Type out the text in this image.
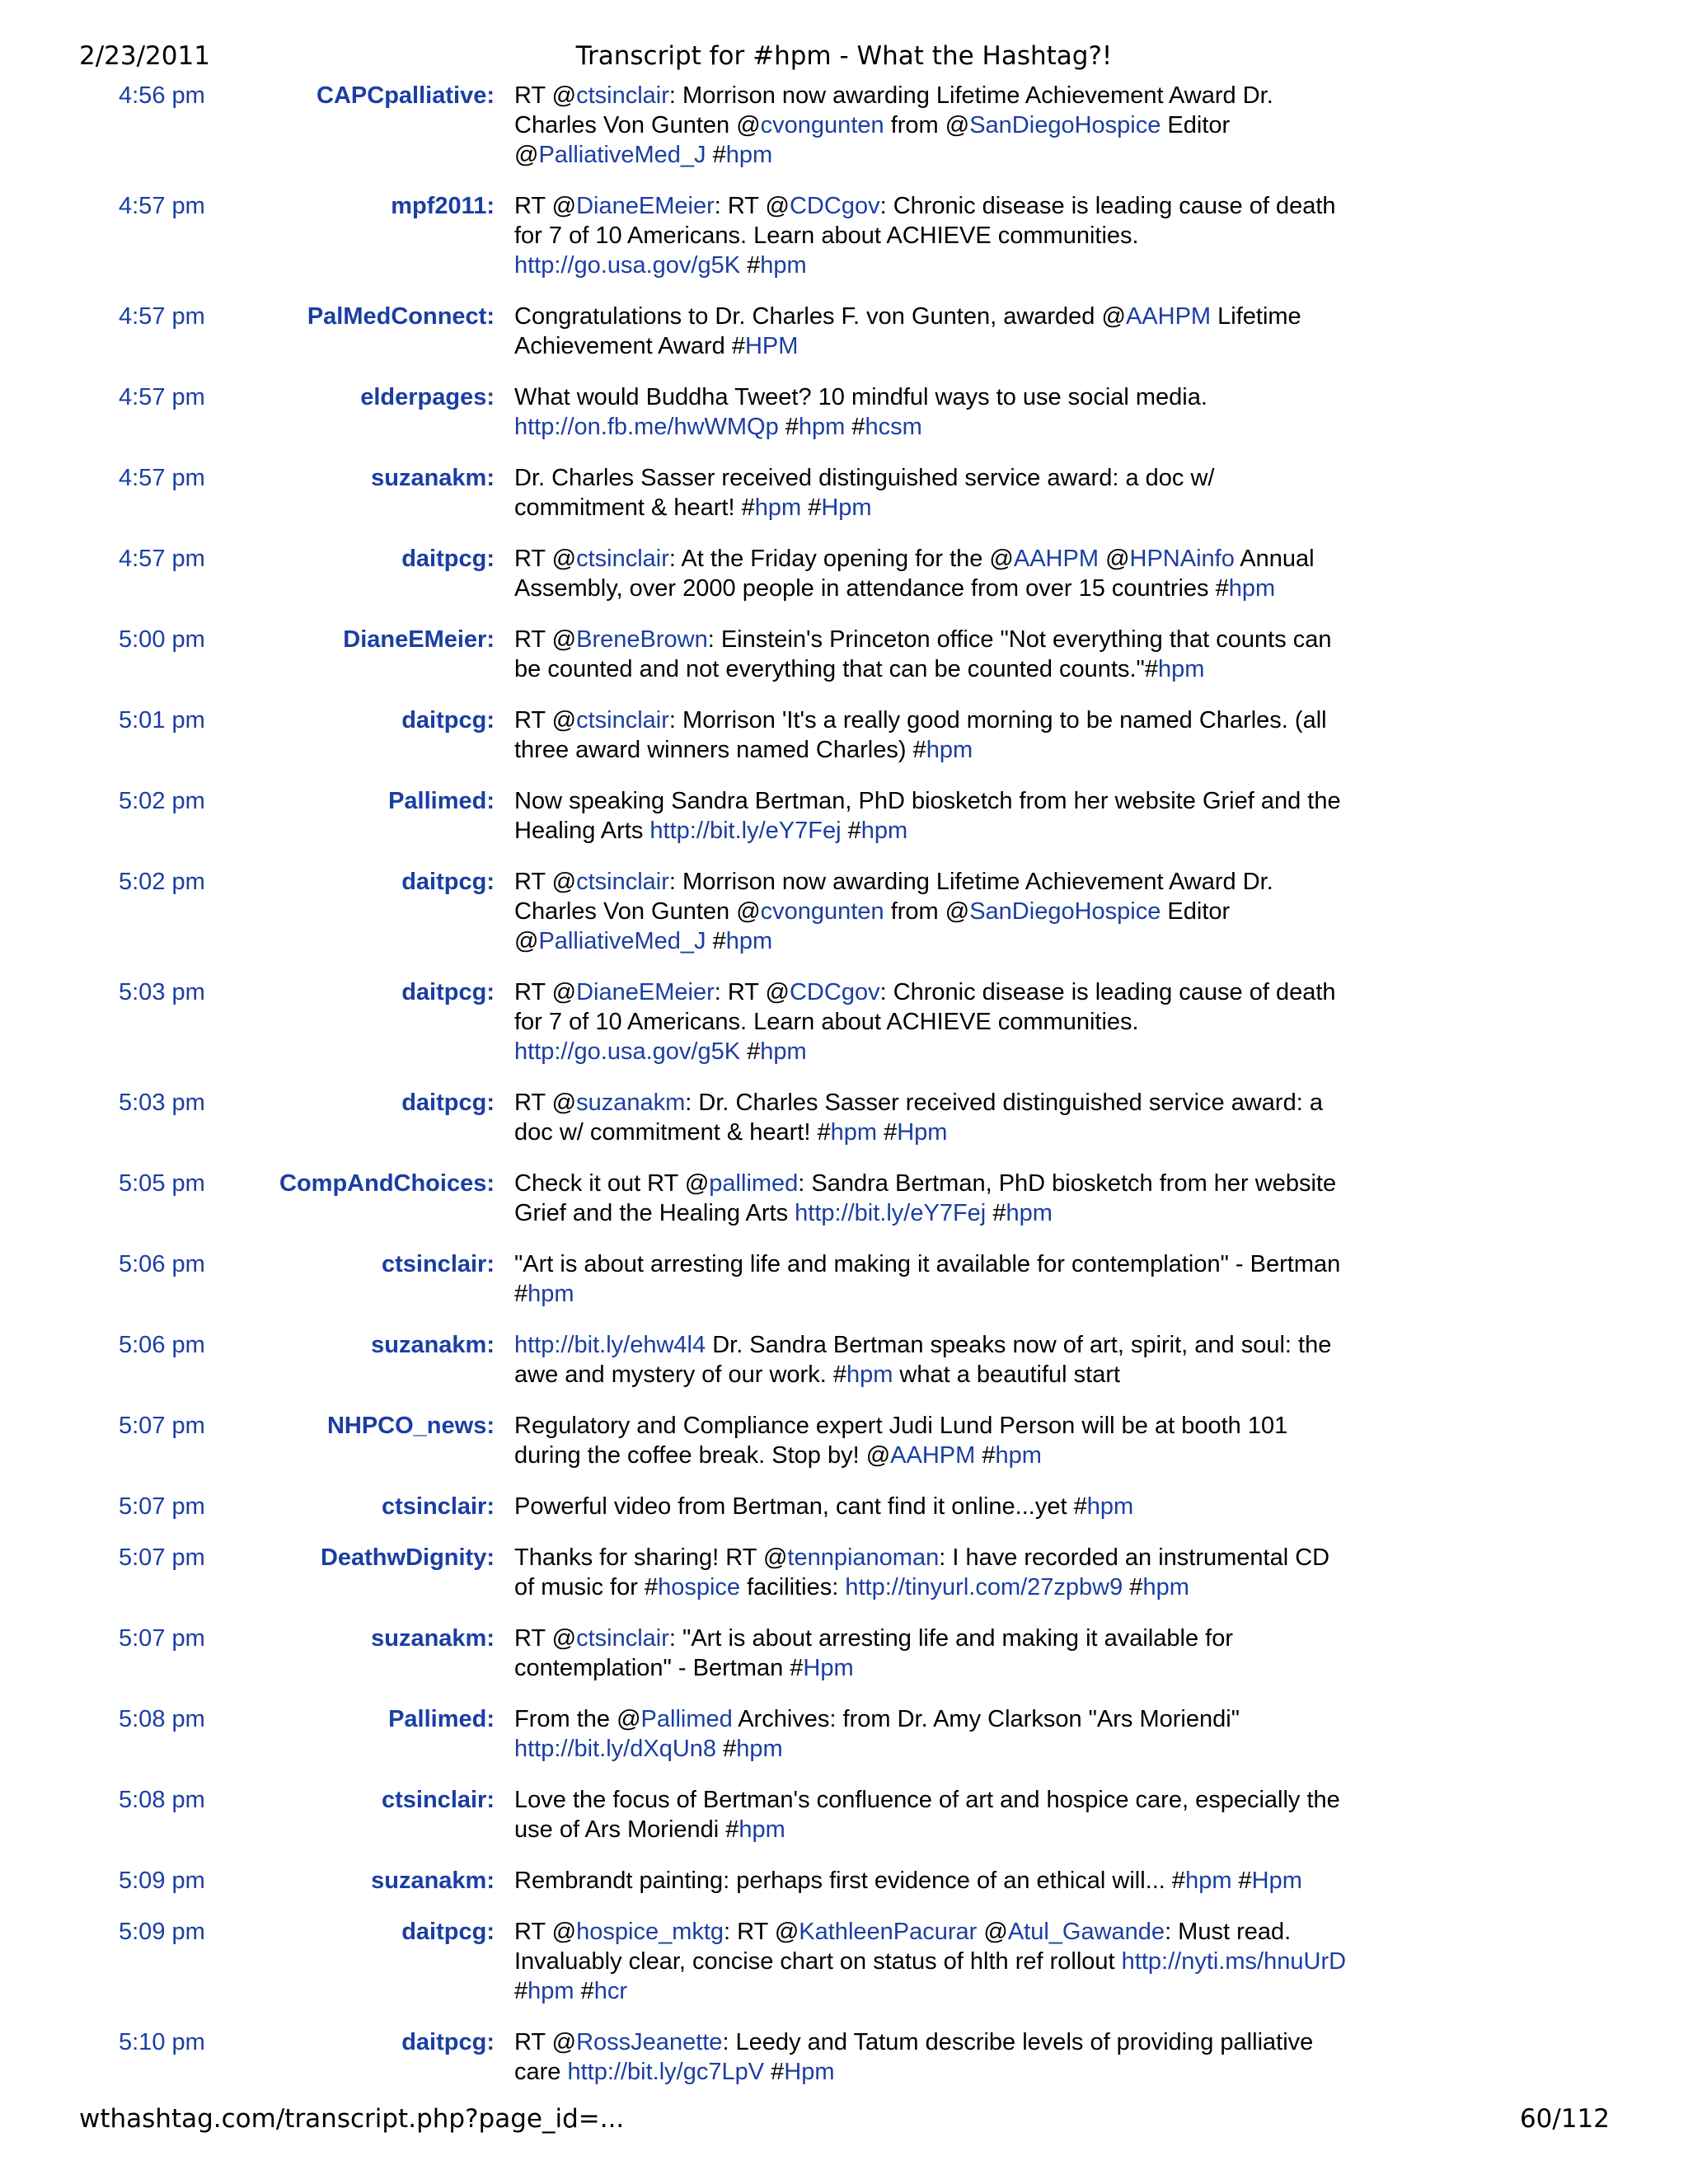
2/23/2011	Transcript for #hpm - What the Hashtag?!
4:56 pm	CAPCpalliative: RT @ctsinclair: Morrison now awarding Lifetime Achievement Award Dr. Charles Von Gunten @cvongunten from @SanDiegoHospice Editor @PalliativeMed_J #hpm
4:57 pm	mpf2011: RT @DianeEMeier: RT @CDCgov: Chronic disease is leading cause of death for 7 of 10 Americans. Learn about ACHIEVE communities. http://go.usa.gov/g5K #hpm
4:57 pm	PalMedConnect: Congratulations to Dr. Charles F. von Gunten, awarded @AAHPM Lifetime Achievement Award #HPM
4:57 pm	elderpages: What would Buddha Tweet? 10 mindful ways to use social media. http://on.fb.me/hwWMQp #hpm #hcsm
4:57 pm	suzanakm: Dr. Charles Sasser received distinguished service award: a doc w/ commitment & heart! #hpm #Hpm
4:57 pm	daitpcg: RT @ctsinclair: At the Friday opening for the @AAHPM @HPNAinfo Annual Assembly, over 2000 people in attendance from over 15 countries #hpm
5:00 pm	DianeEMeier: RT @BreneBrown: Einstein's Princeton office "Not everything that counts can be counted and not everything that can be counted counts."#hpm
5:01 pm	daitpcg: RT @ctsinclair: Morrison 'It's a really good morning to be named Charles. (all three award winners named Charles) #hpm
5:02 pm	Pallimed: Now speaking Sandra Bertman, PhD biosketch from her website Grief and the Healing Arts http://bit.ly/eY7Fej #hpm
5:02 pm	daitpcg: RT @ctsinclair: Morrison now awarding Lifetime Achievement Award Dr. Charles Von Gunten @cvongunten from @SanDiegoHospice Editor @PalliativeMed_J #hpm
5:03 pm	daitpcg: RT @DianeEMeier: RT @CDCgov: Chronic disease is leading cause of death for 7 of 10 Americans. Learn about ACHIEVE communities. http://go.usa.gov/g5K #hpm
5:03 pm	daitpcg: RT @suzanakm: Dr. Charles Sasser received distinguished service award: a doc w/ commitment & heart! #hpm #Hpm
5:05 pm	CompAndChoices: Check it out RT @pallimed: Sandra Bertman, PhD biosketch from her website Grief and the Healing Arts http://bit.ly/eY7Fej #hpm
5:06 pm	ctsinclair: "Art is about arresting life and making it available for contemplation" - Bertman #hpm
5:06 pm	suzanakm: http://bit.ly/ehw4l4 Dr. Sandra Bertman speaks now of art, spirit, and soul: the awe and mystery of our work. #hpm what a beautiful start
5:07 pm	NHPCO_news: Regulatory and Compliance expert Judi Lund Person will be at booth 101 during the coffee break. Stop by! @AAHPM #hpm
5:07 pm	ctsinclair: Powerful video from Bertman, cant find it online...yet #hpm
5:07 pm	DeathwDignity: Thanks for sharing! RT @tennpianoman: I have recorded an instrumental CD of music for #hospice facilities: http://tinyurl.com/27zpbw9 #hpm
5:07 pm	suzanakm: RT @ctsinclair: "Art is about arresting life and making it available for contemplation" - Bertman #Hpm
5:08 pm	Pallimed: From the @Pallimed Archives: from Dr. Amy Clarkson "Ars Moriendi" http://bit.ly/dXqUn8 #hpm
5:08 pm	ctsinclair: Love the focus of Bertman's confluence of art and hospice care, especially the use of Ars Moriendi #hpm
5:09 pm	suzanakm: Rembrandt painting: perhaps first evidence of an ethical will... #hpm #Hpm
5:09 pm	daitpcg: RT @hospice_mktg: RT @KathleenPacurar @Atul_Gawande: Must read. Invaluably clear, concise chart on status of hlth ref rollout http://nyti.ms/hnuUrD #hpm #hcr
5:10 pm	daitpcg: RT @RossJeanette: Leedy and Tatum describe levels of providing palliative care http://bit.ly/gc7LpV #Hpm
wthashtag.com/transcript.php?page_id=...	60/112
